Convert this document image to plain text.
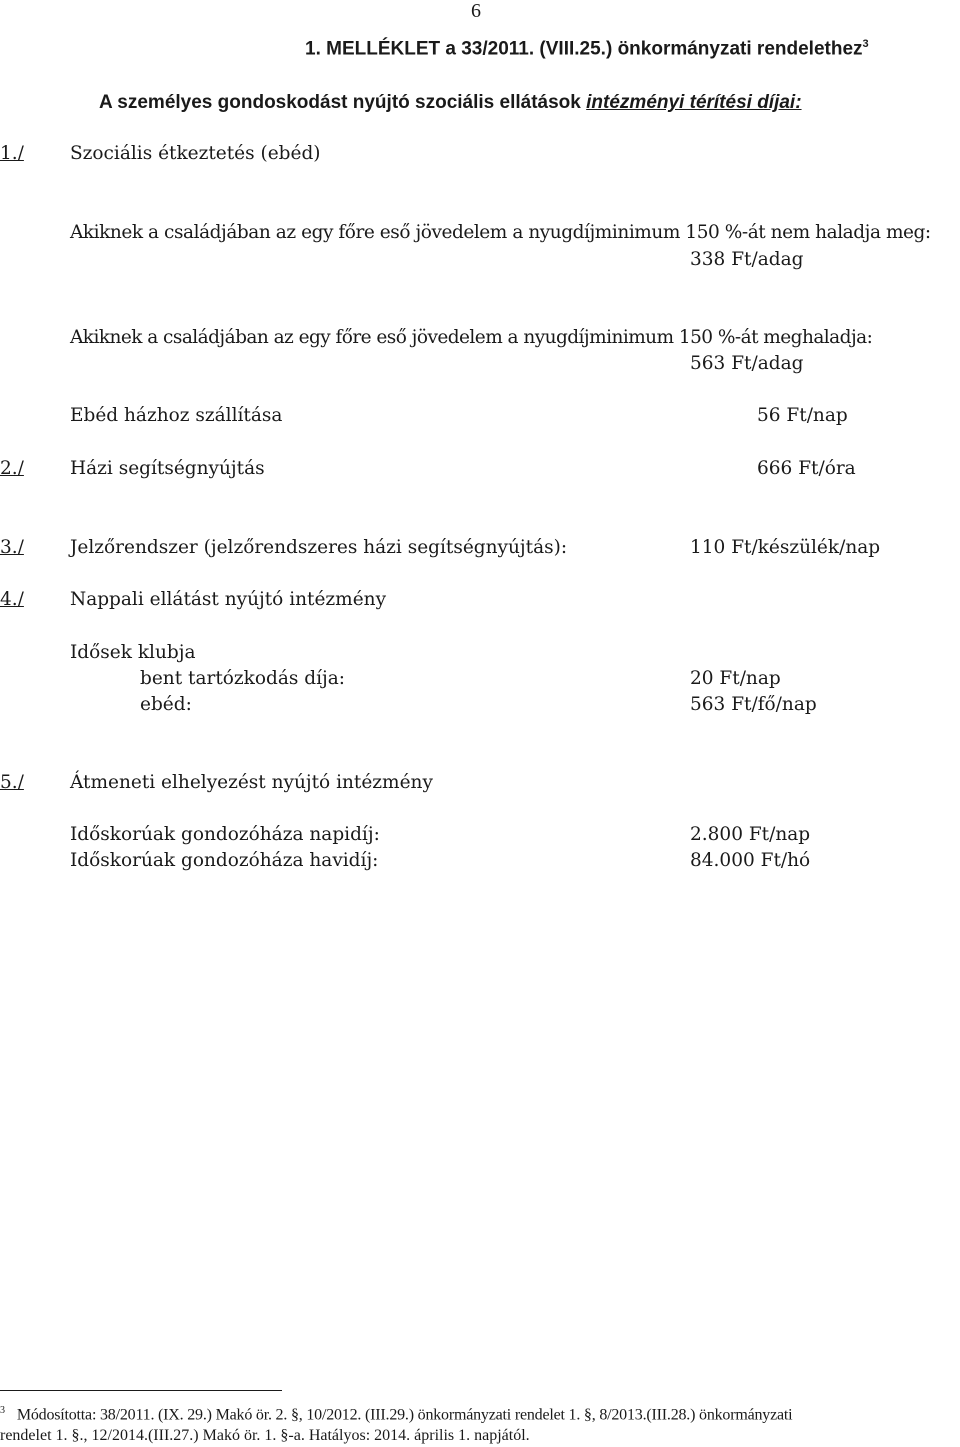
6
1. MELLÉKLET a 33/2011. (VIII.25.) önkormányzati rendelethez$^3$
A személyes gondoskodást nyújtó szociális ellátások intézményi térítési díjai:
1./ Szociális étkeztetés (ebéd)
Akiknek a családjában az egy főre eső jövedelem a nyugdíjminimum 150 %-át nem haladja meg:
338 Ft/adag
Akiknek a családjában az egy főre eső jövedelem a nyugdíjminimum 150 %-át meghaladja:
563 Ft/adag
Ebéd házhoz szállítása	56 Ft/nap
2./ Házi segítségnyújtás	666 Ft/óra
3./ Jelzőrendszer (jelzőrendszeres házi segítségnyújtás):	110 Ft/készülék/nap
4./ Nappali ellátást nyújtó intézmény
Idősek klubja
bent tartózkodás díja:	20 Ft/nap
ebéd:	563 Ft/fő/nap
5./ Átmeneti elhelyezést nyújtó intézmény
Időskorúak gondozóháza napidíj:	2.800 Ft/nap
Időskorúak gondozóháza havidíj:	84.000 Ft/hó
$^3$ Módosította: 38/2011. (IX. 29.) Makó ör. 2. §, 10/2012. (III.29.) önkormányzati rendelet 1. §, 8/2013.(III.28.) önkormányzati
rendelet 1. §., 12/2014.(III.27.) Makó ör. 1. §-a. Hatályos: 2014. április 1. napjától.
